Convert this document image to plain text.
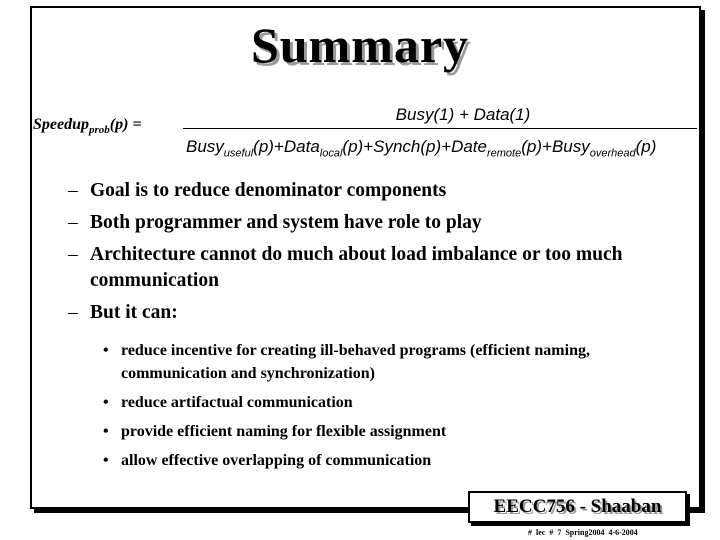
Summary
Speedup$_{prob}$(p) =
Busy(1) + Data(1)
Busy$_{useful}$(p)+Data$_{local}$(p)+Synch(p)+Date$_{remote}$(p)+Busy$_{overhead}$(p)
– Goal is to reduce denominator components
– Both programmer and system have role to play
– Architecture cannot do much about load imbalance or too much communication
– But it can:
• reduce incentive for creating ill-behaved programs (efficient naming, communication and synchronization)
• reduce artifactual communication
• provide efficient naming for flexible assignment
• allow effective overlapping of communication
EECC756 - Shaaban
# lec # 7 Spring2004 4-6-2004
